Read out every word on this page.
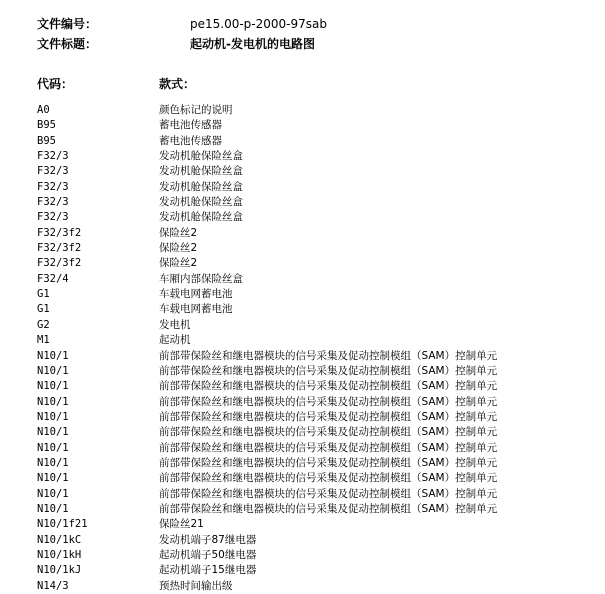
文件编号：	pe15.00-p-2000-97sab
文件标题：	起动机-发电机的电路图
代码：	款式：
A0	颜色标记的说明
B95	蓄电池传感器
B95	蓄电池传感器
F32/3	发动机舱保险丝盒
F32/3	发动机舱保险丝盒
F32/3	发动机舱保险丝盒
F32/3	发动机舱保险丝盒
F32/3	发动机舱保险丝盒
F32/3f2	保险丝2
F32/3f2	保险丝2
F32/3f2	保险丝2
F32/4	车厢内部保险丝盒
G1	车载电网蓄电池
G1	车载电网蓄电池
G2	发电机
M1	起动机
N10/1	前部带保险丝和继电器模块的信号采集及促动控制模组（SAM）控制单元
N10/1	前部带保险丝和继电器模块的信号采集及促动控制模组（SAM）控制单元
N10/1	前部带保险丝和继电器模块的信号采集及促动控制模组（SAM）控制单元
N10/1	前部带保险丝和继电器模块的信号采集及促动控制模组（SAM）控制单元
N10/1	前部带保险丝和继电器模块的信号采集及促动控制模组（SAM）控制单元
N10/1	前部带保险丝和继电器模块的信号采集及促动控制模组（SAM）控制单元
N10/1	前部带保险丝和继电器模块的信号采集及促动控制模组（SAM）控制单元
N10/1	前部带保险丝和继电器模块的信号采集及促动控制模组（SAM）控制单元
N10/1	前部带保险丝和继电器模块的信号采集及促动控制模组（SAM）控制单元
N10/1	前部带保险丝和继电器模块的信号采集及促动控制模组（SAM）控制单元
N10/1	前部带保险丝和继电器模块的信号采集及促动控制模组（SAM）控制单元
N10/1f21	保险丝21
N10/1kC	发动机端子87继电器
N10/1kH	起动机端子50继电器
N10/1kJ	起动机端子15继电器
N14/3	预热时间输出级
